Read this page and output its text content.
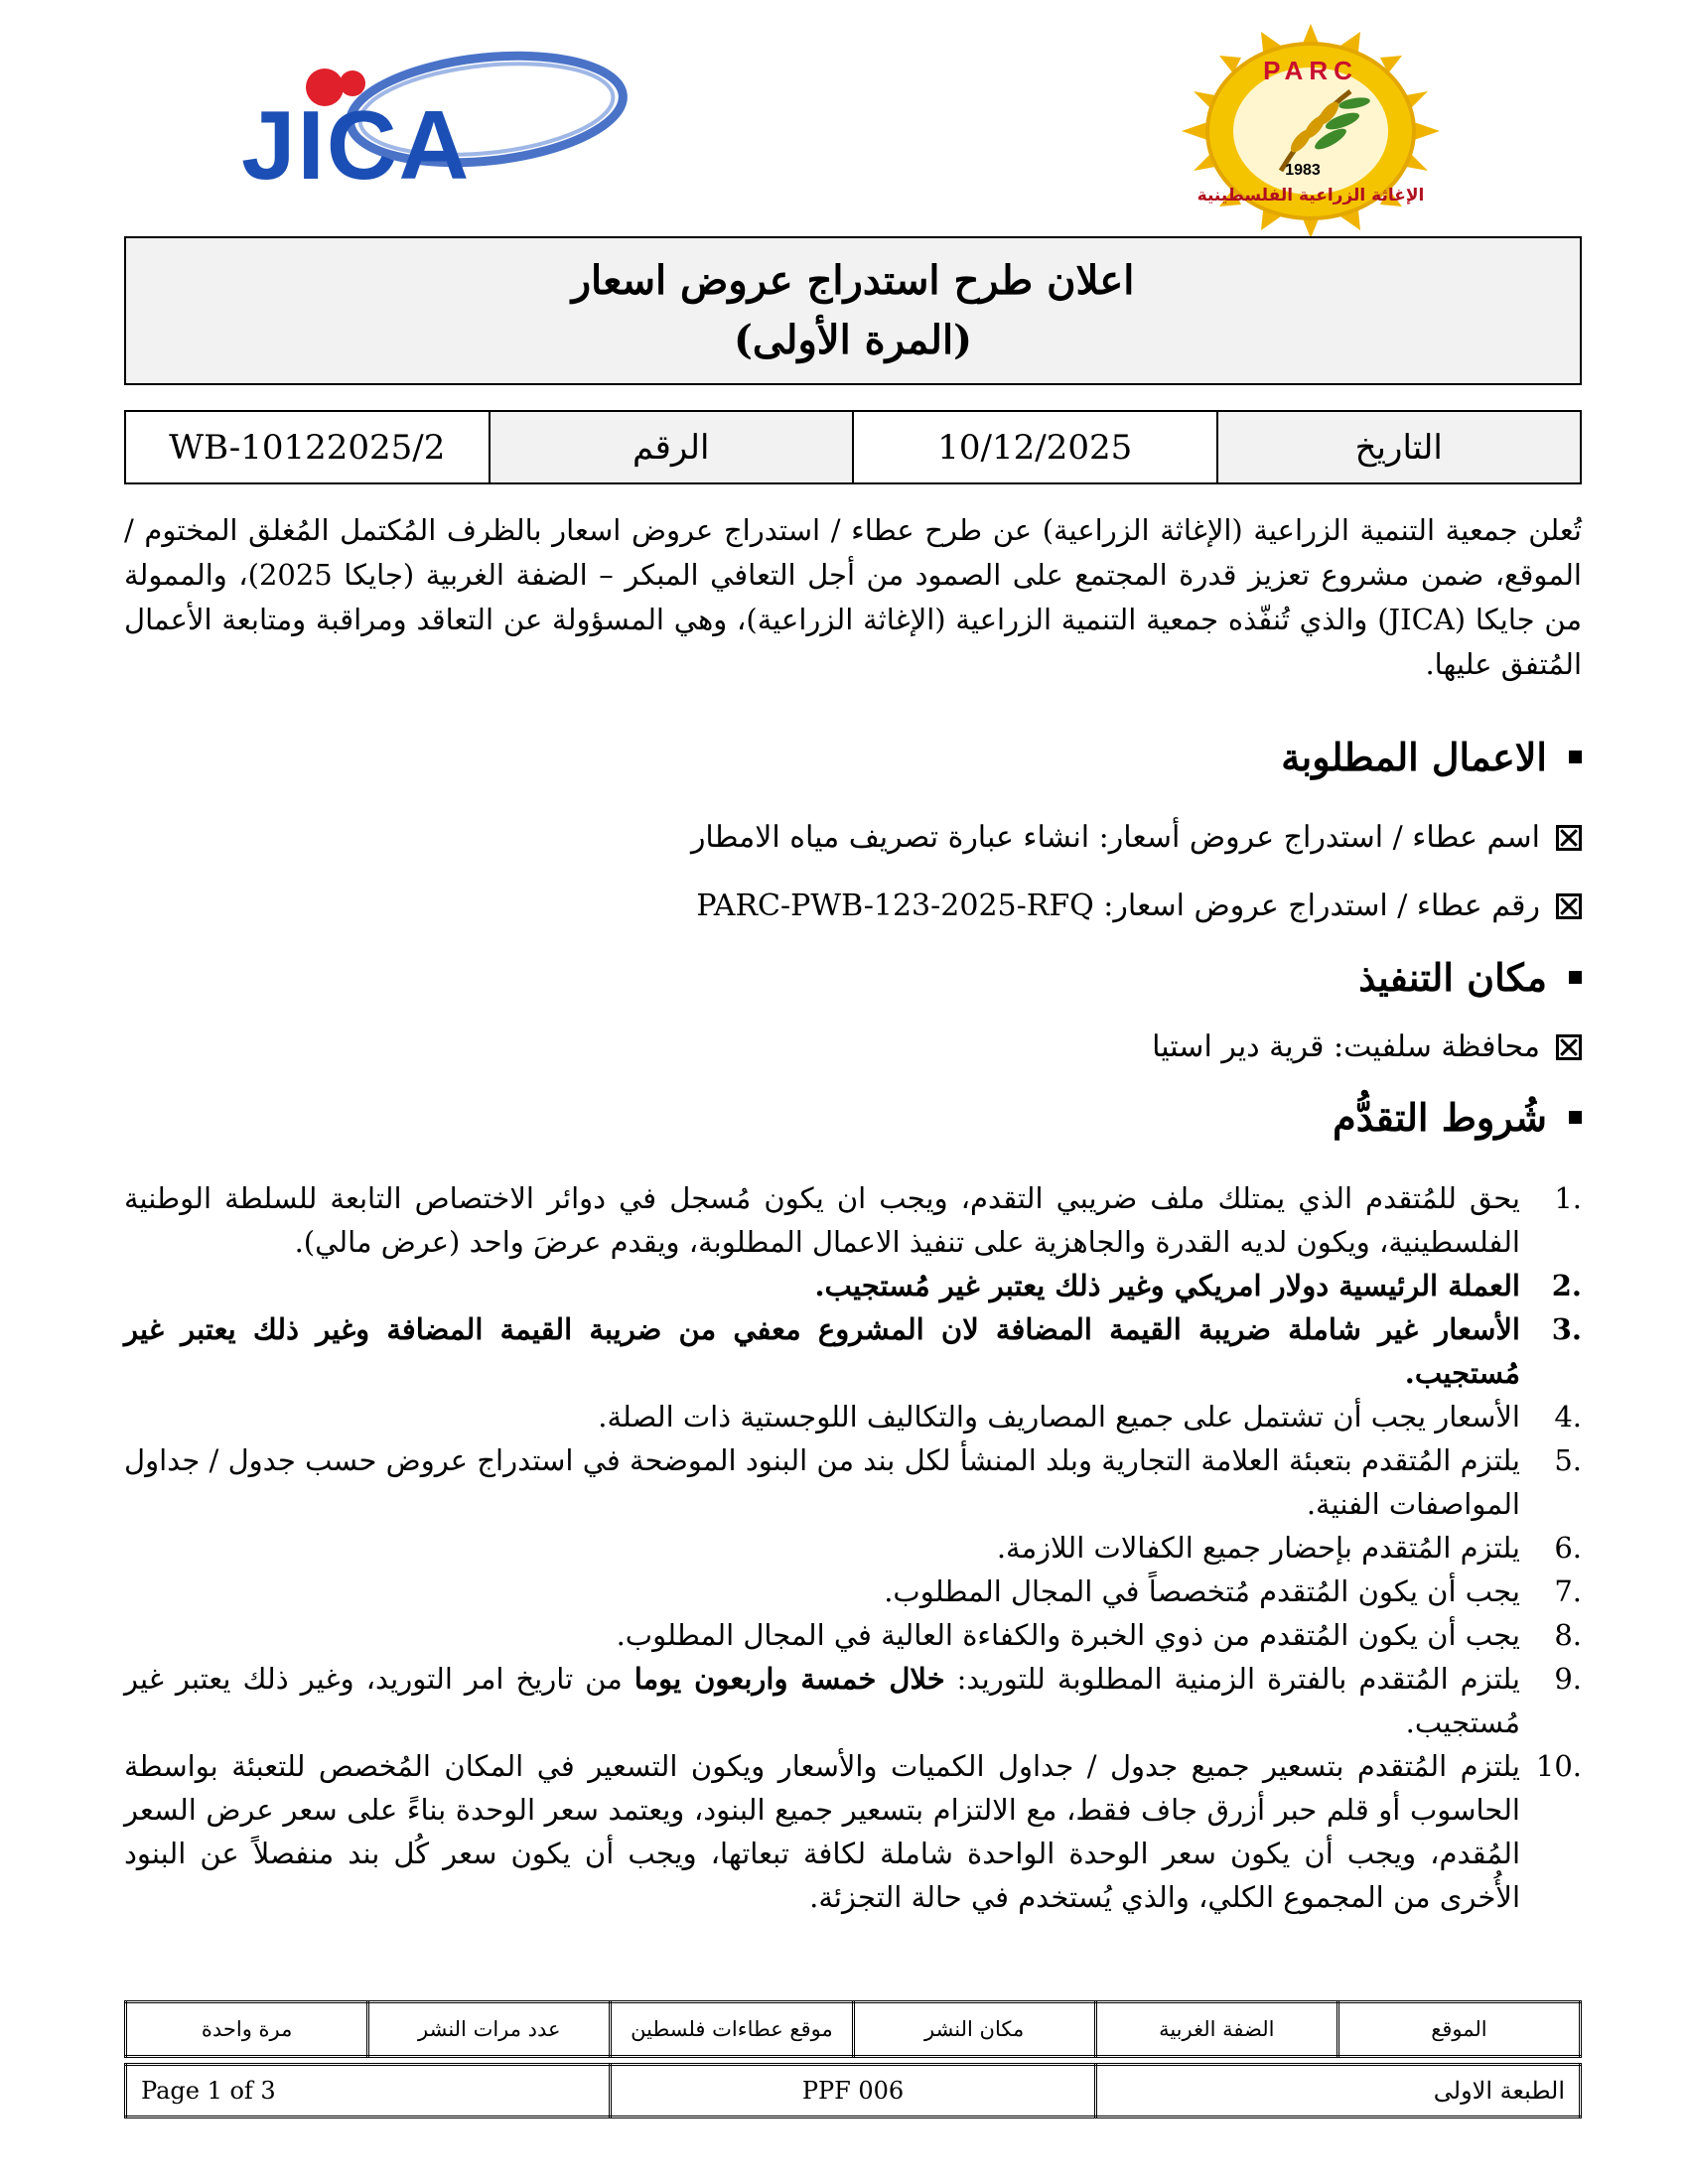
JICA
PARC
1983
الإغاثة الزراعية الفلسطينية
اعلان طرح استدراج عروض اسعار
(المرة الأولى)
التاريخ	10/12/2025	الرقم	WB-10122025/2

تُعلن جمعية التنمية الزراعية (الإغاثة الزراعية) عن طرح عطاء / استدراج عروض اسعار بالظرف المُكتمل المُغلق المختوم / الموقع، ضمن مشروع تعزيز قدرة المجتمع على الصمود من أجل التعافي المبكر – الضفة الغربية (جايكا 2025)، والممولة من جايكا (JICA) والذي تُنفّذه جمعية التنمية الزراعية (الإغاثة الزراعية)، وهي المسؤولة عن التعاقد ومراقبة ومتابعة الأعمال المُتفق عليها.

الاعمال المطلوبة
اسم عطاء / استدراج عروض أسعار: انشاء عبارة تصريف مياه الامطار
رقم عطاء / استدراج عروض اسعار: PARC-PWB-123-2025-RFQ
مكان التنفيذ
محافظة سلفيت: قرية دير استيا
شُروط التقدُّم
1.
يحق للمُتقدم الذي يمتلك ملف ضريبي التقدم، ويجب ان يكون مُسجل في دوائر الاختصاص التابعة للسلطة الوطنية الفلسطينية، ويكون لديه القدرة والجاهزية على تنفيذ الاعمال المطلوبة، ويقدم عرضَ واحد (عرض مالي).
2.
العملة الرئيسية دولار امريكي وغير ذلك يعتبر غير مُستجيب.
3.
الأسعار غير شاملة ضريبة القيمة المضافة لان المشروع معفي من ضريبة القيمة المضافة وغير ذلك يعتبر غير مُستجيب.
4.
الأسعار يجب أن تشتمل على جميع المصاريف والتكاليف اللوجستية ذات الصلة.
5.
يلتزم المُتقدم بتعبئة العلامة التجارية وبلد المنشأ لكل بند من البنود الموضحة في استدراج عروض حسب جدول / جداول المواصفات الفنية.
6.
يلتزم المُتقدم بإحضار جميع الكفالات اللازمة.
7.
يجب أن يكون المُتقدم مُتخصصاً في المجال المطلوب.
8.
يجب أن يكون المُتقدم من ذوي الخبرة والكفاءة العالية في المجال المطلوب.
9.
يلتزم المُتقدم بالفترة الزمنية المطلوبة للتوريد: خلال خمسة واربعون يوما من تاريخ امر التوريد، وغير ذلك يعتبر غير مُستجيب.
10.
يلتزم المُتقدم بتسعير جميع جدول / جداول الكميات والأسعار ويكون التسعير في المكان المُخصص للتعبئة بواسطة الحاسوب أو قلم حبر أزرق جاف فقط، مع الالتزام بتسعير جميع البنود، ويعتمد سعر الوحدة بناءً على سعر عرض السعر المُقدم، ويجب أن يكون سعر الوحدة الواحدة شاملة لكافة تبعاتها، ويجب أن يكون سعر كُل بند منفصلاً عن البنود الأُخرى من المجموع الكلي، والذي يُستخدم في حالة التجزئة.
الموقع	الضفة الغربية	مكان النشر	موقع عطاءات فلسطين	عدد مرات النشر	مرة واحدة
الطبعة الاولى	PPF 006	Page 1 of 3
